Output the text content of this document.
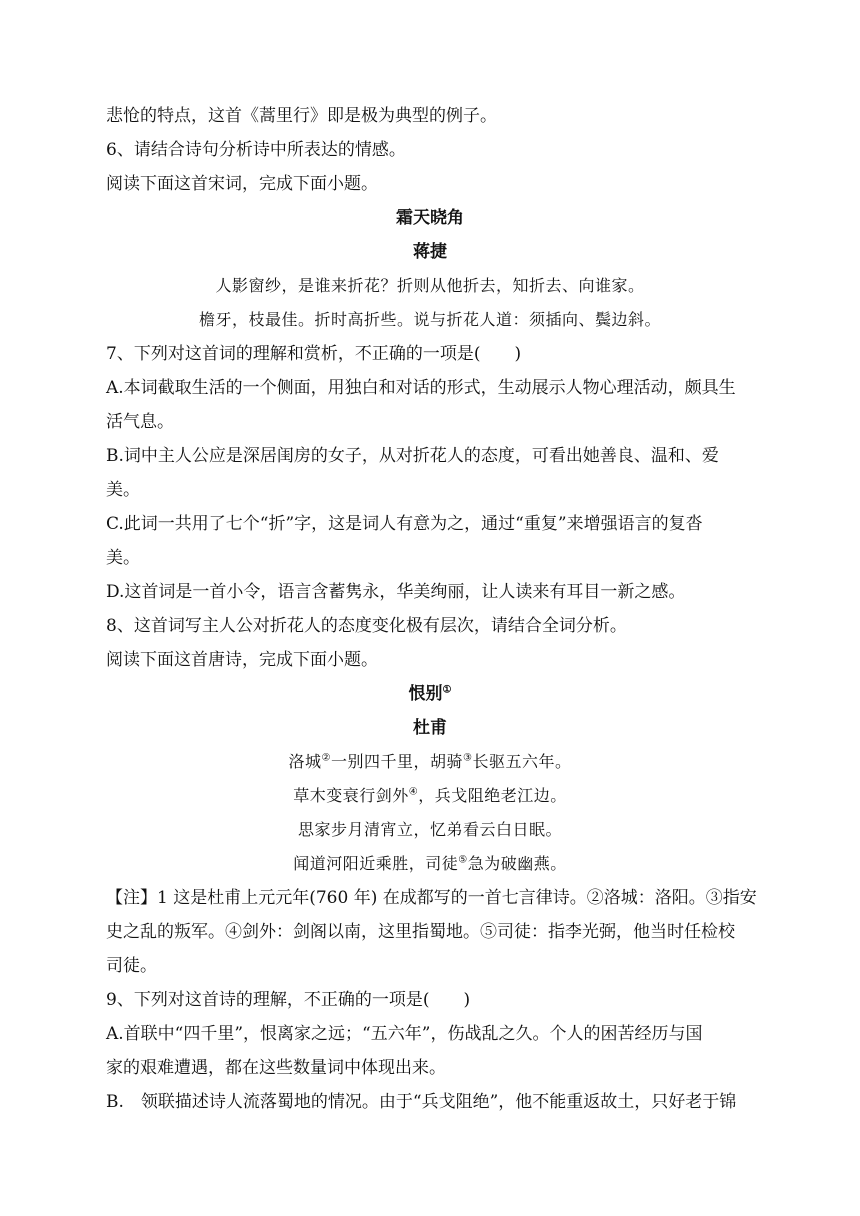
悲怆的特点，这首《蒿里行》即是极为典型的例子。
6、请结合诗句分析诗中所表达的情感。
阅读下面这首宋词，完成下面小题。
霜天晓角
蒋捷
人影窗纱，是谁来折花？折则从他折去，知折去、向谁家。
檐牙，枝最佳。折时高折些。说与折花人道：须插向、鬓边斜。
7、下列对这首词的理解和赏析，不正确的一项是(　　)
A.本词截取生活的一个侧面，用独白和对话的形式，生动展示人物心理活动，颇具生
活气息。
B.词中主人公应是深居闺房的女子，从对折花人的态度，可看出她善良、温和、爱
美。
C.此词一共用了七个“折”字，这是词人有意为之，通过“重复”来增强语言的复沓
美。
D.这首词是一首小令，语言含蓄隽永，华美绚丽，让人读来有耳目一新之感。
8、这首词写主人公对折花人的态度变化极有层次，请结合全词分析。
阅读下面这首唐诗，完成下面小题。
恨别①
杜甫
洛城②一别四千里，胡骑③长驱五六年。
草木变衰行剑外④，兵戈阻绝老江边。
思家步月清宵立，忆弟看云白日眠。
闻道河阳近乘胜，司徒⑤急为破幽燕。
【注】1 这是杜甫上元元年(760 年) 在成都写的一首七言律诗。②洛城：洛阳。③指安
史之乱的叛军。④剑外：剑阁以南，这里指蜀地。⑤司徒：指李光弼，他当时任检校
司徒。
9、下列对这首诗的理解，不正确的一项是(　　)
A.首联中“四千里”，恨离家之远；“五六年”，伤战乱之久。个人的困苦经历与国
家的艰难遭遇，都在这些数量词中体现出来。
B.　领联描述诗人流落蜀地的情况。由于“兵戈阻绝”，他不能重返故土，只好老于锦
